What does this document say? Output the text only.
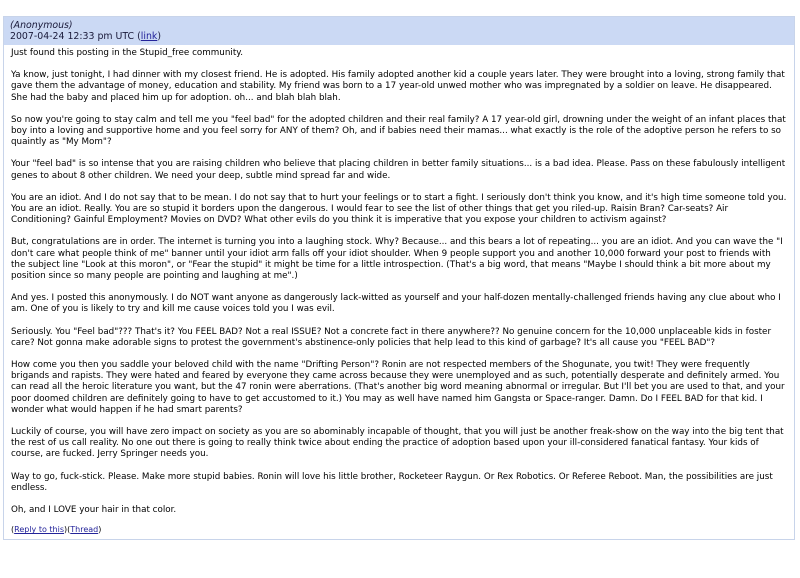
(Anonymous)
2007-04-24 12:33 pm UTC (link)

Just found this posting in the Stupid_free community.

Ya know, just tonight, I had dinner with my closest friend. He is adopted. His family adopted another kid a couple years later. They were brought into a loving, strong family that gave them the advantage of money, education and stability. My friend was born to a 17 year-old unwed mother who was impregnated by a soldier on leave. He disappeared. She had the baby and placed him up for adoption. oh... and blah blah blah.

So now you're going to stay calm and tell me you "feel bad" for the adopted children and their real family? A 17 year-old girl, drowning under the weight of an infant places that boy into a loving and supportive home and you feel sorry for ANY of them? Oh, and if babies need their mamas... what exactly is the role of the adoptive person he refers to so quaintly as "My Mom"?

Your "feel bad" is so intense that you are raising children who believe that placing children in better family situations... is a bad idea. Please. Pass on these fabulously intelligent genes to about 8 other children. We need your deep, subtle mind spread far and wide.

You are an idiot. And I do not say that to be mean. I do not say that to hurt your feelings or to start a fight. I seriously don't think you know, and it's high time someone told you. You are an idiot. Really. You are so stupid it borders upon the dangerous. I would fear to see the list of other things that get you riled-up. Raisin Bran? Car-seats? Air Conditioning? Gainful Employment? Movies on DVD? What other evils do you think it is imperative that you expose your children to activism against?

But, congratulations are in order. The internet is turning you into a laughing stock. Why? Because... and this bears a lot of repeating... you are an idiot. And you can wave the "I don't care what people think of me" banner until your idiot arm falls off your idiot shoulder. When 9 people support you and another 10,000 forward your post to friends with the subject line "Look at this moron", or "Fear the stupid" it might be time for a little introspection. (That's a big word, that means "Maybe I should think a bit more about my position since so many people are pointing and laughing at me".)

And yes. I posted this anonymously. I do NOT want anyone as dangerously lack-witted as yourself and your half-dozen mentally-challenged friends having any clue about who I am. One of you is likely to try and kill me cause voices told you I was evil.

Seriously. You "Feel bad"??? That's it? You FEEL BAD? Not a real ISSUE? Not a concrete fact in there anywhere?? No genuine concern for the 10,000 unplaceable kids in foster care? Not gonna make adorable signs to protest the government's abstinence-only policies that help lead to this kind of garbage? It's all cause you "FEEL BAD"?

How come you then you saddle your beloved child with the name "Drifting Person"? Ronin are not respected members of the Shogunate, you twit! They were frequently brigands and rapists. They were hated and feared by everyone they came across because they were unemployed and as such, potentially desperate and definitely armed. You can read all the heroic literature you want, but the 47 ronin were aberrations. (That's another big word meaning abnormal or irregular. But I'll bet you are used to that, and your poor doomed children are definitely going to have to get accustomed to it.) You may as well have named him Gangsta or Space-ranger. Damn. Do I FEEL BAD for that kid. I wonder what would happen if he had smart parents?

Luckily of course, you will have zero impact on society as you are so abominably incapable of thought, that you will just be another freak-show on the way into the big tent that the rest of us call reality. No one out there is going to really think twice about ending the practice of adoption based upon your ill-considered fanatical fantasy. Your kids of course, are fucked. Jerry Springer needs you.

Way to go, fuck-stick. Please. Make more stupid babies. Ronin will love his little brother, Rocketeer Raygun. Or Rex Robotics. Or Referee Reboot. Man, the possibilities are just endless.

Oh, and I LOVE your hair in that color.

(Reply to this)(Thread)
